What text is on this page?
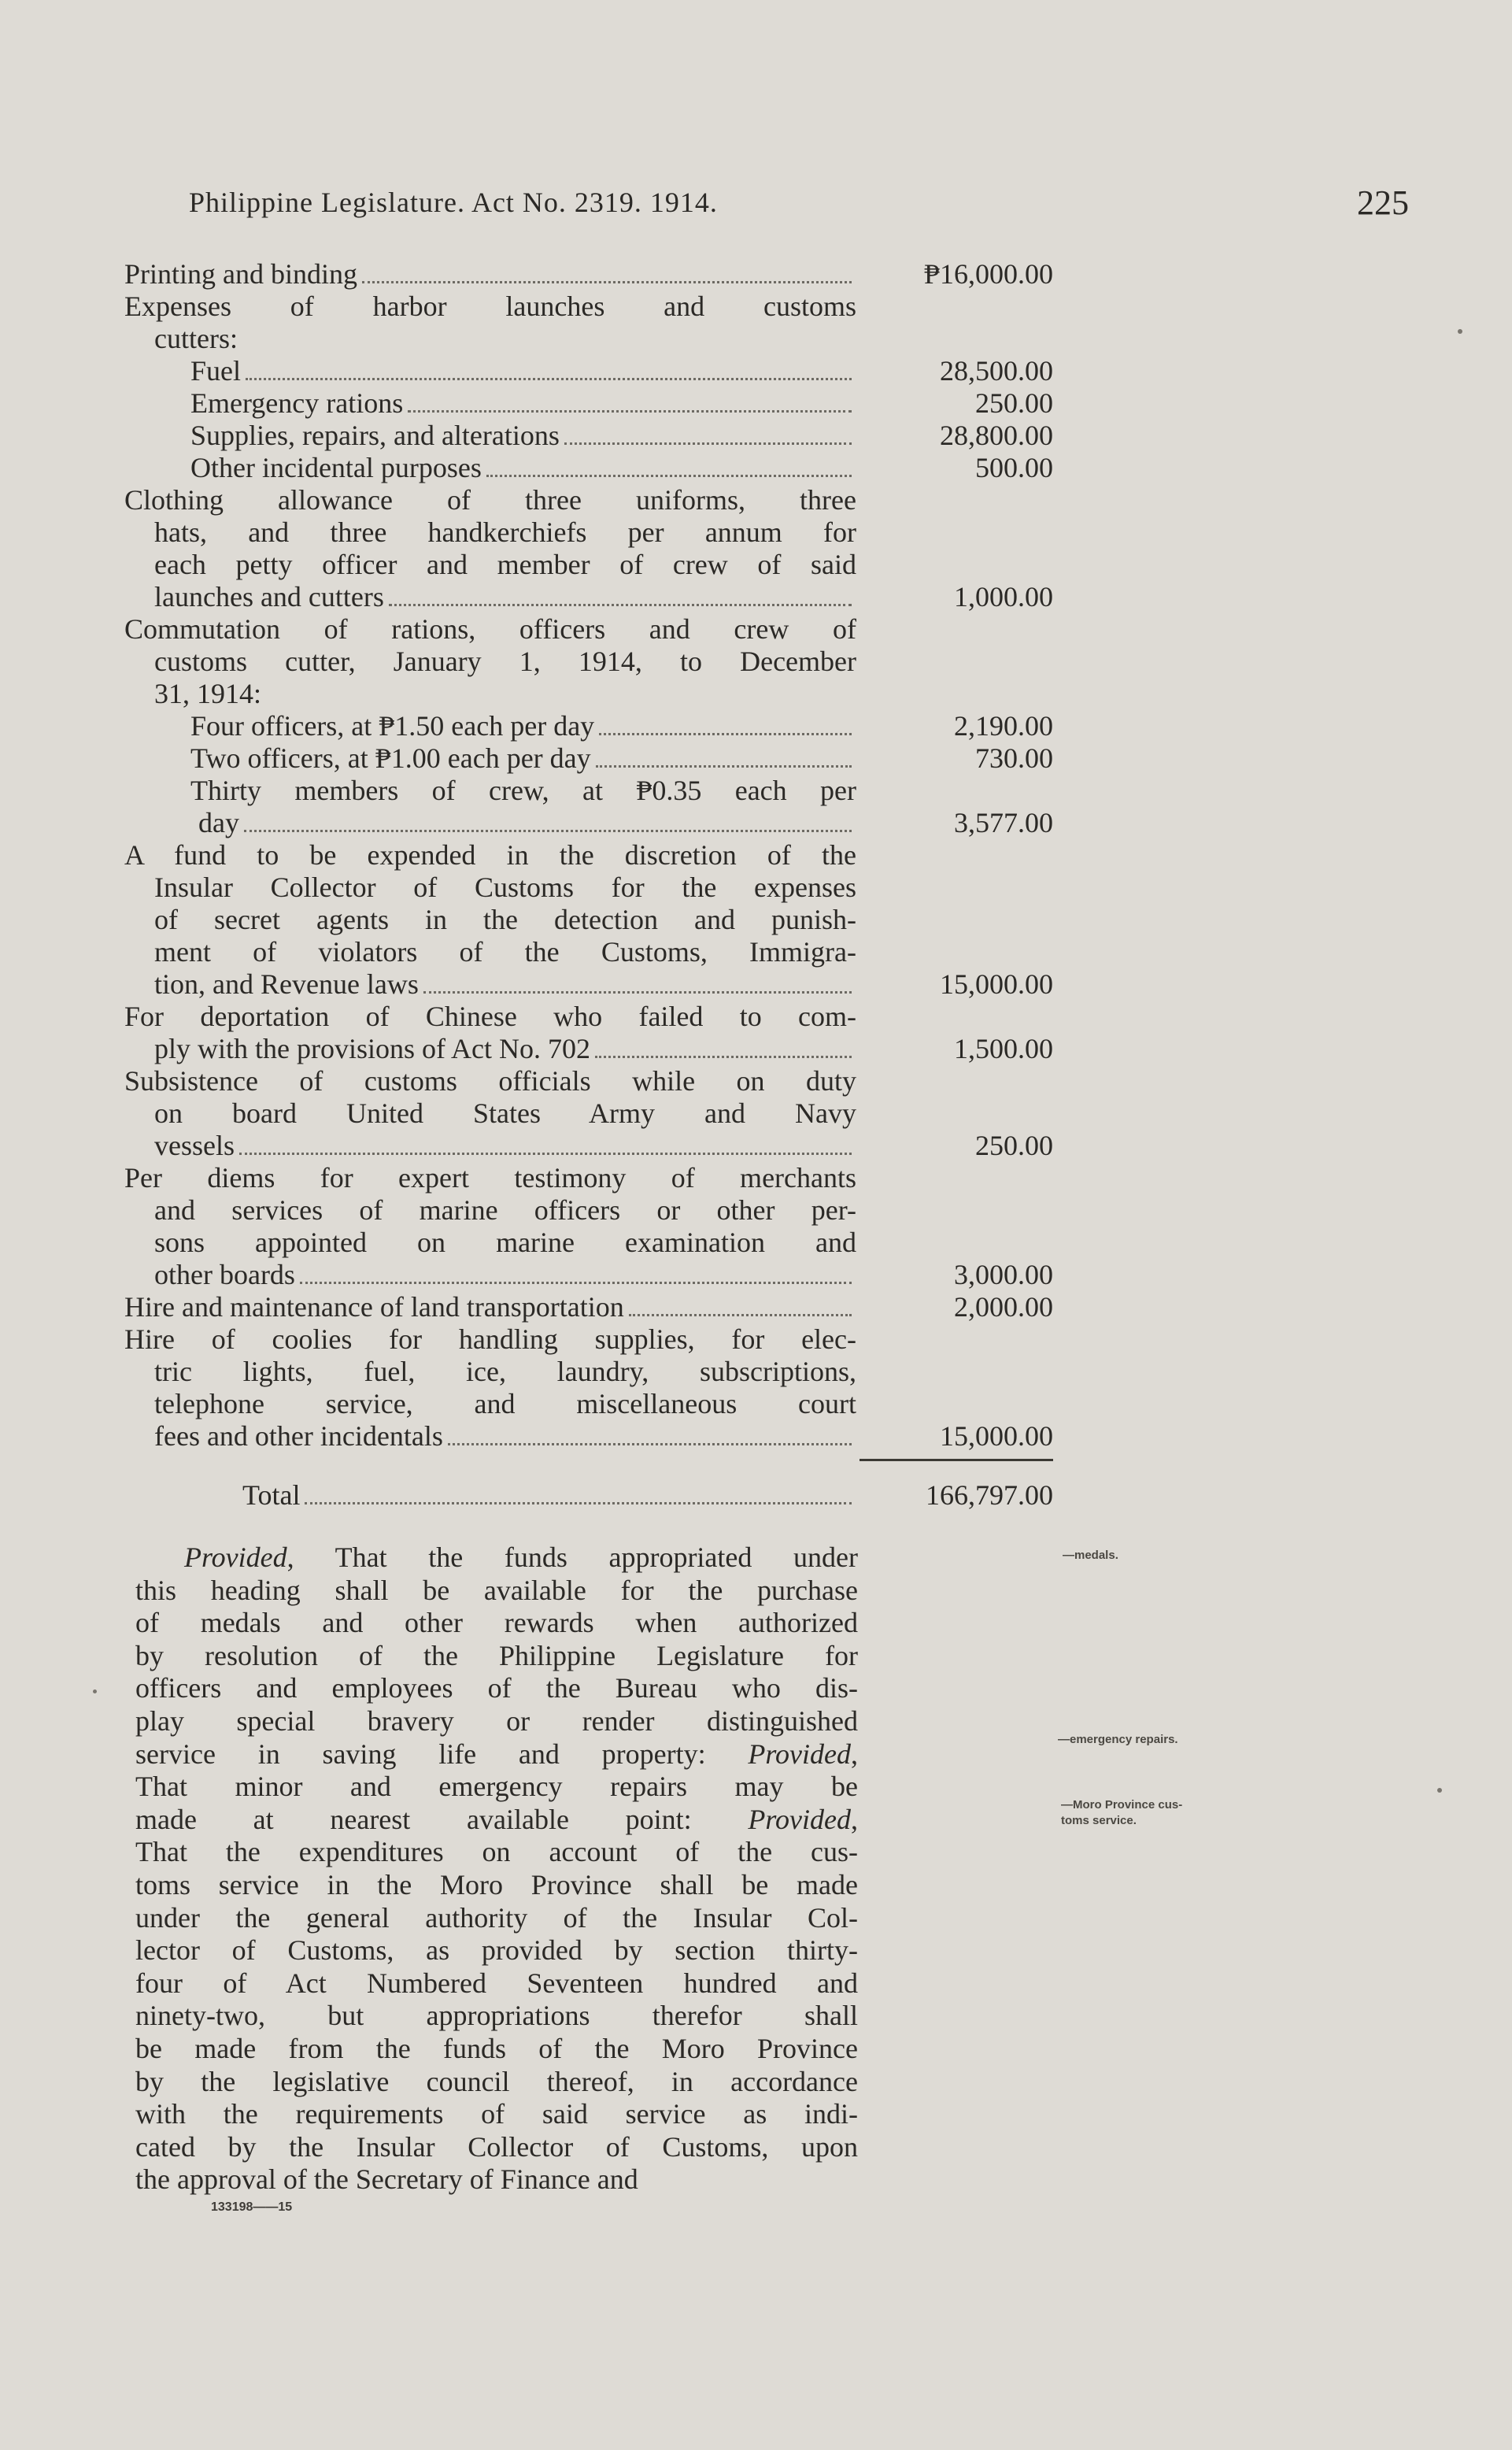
Philippine Legislature. Act No. 2319. 1914.	225
Printing and binding	₱16,000.00
Expenses of harbor launches and customs
cutters:
Fuel	28,500.00
Emergency rations	250.00
Supplies, repairs, and alterations	28,800.00
Other incidental purposes	500.00
Clothing allowance of three uniforms, three
hats, and three handkerchiefs per annum for
each petty officer and member of crew of said
launches and cutters	1,000.00
Commutation of rations, officers and crew of
customs cutter, January 1, 1914, to December
31, 1914:
Four officers, at ₱1.50 each per day	2,190.00
Two officers, at ₱1.00 each per day	730.00
Thirty members of crew, at ₱0.35 each per
day	3,577.00
A fund to be expended in the discretion of the
Insular Collector of Customs for the expenses
of secret agents in the detection and punish-
ment of violators of the Customs, Immigra-
tion, and Revenue laws	15,000.00
For deportation of Chinese who failed to com-
ply with the provisions of Act No. 702	1,500.00
Subsistence of customs officials while on duty
on board United States Army and Navy
vessels	250.00
Per diems for expert testimony of merchants
and services of marine officers or other per-
sons appointed on marine examination and
other boards	3,000.00
Hire and maintenance of land transportation	2,000.00
Hire of coolies for handling supplies, for elec-
tric lights, fuel, ice, laundry, subscriptions,
telephone service, and miscellaneous court
fees and other incidentals	15,000.00
Total	166,797.00
Provided, That the funds appropriated under
this heading shall be available for the purchase
of medals and other rewards when authorized
by resolution of the Philippine Legislature for
officers and employees of the Bureau who dis-
play special bravery or render distinguished
service in saving life and property: Provided,
That minor and emergency repairs may be
made at nearest available point: Provided,
That the expenditures on account of the cus-
toms service in the Moro Province shall be made
under the general authority of the Insular Col-
lector of Customs, as provided by section thirty-
four of Act Numbered Seventeen hundred and
ninety-two, but appropriations therefor shall
be made from the funds of the Moro Province
by the legislative council thereof, in accordance
with the requirements of said service as indi-
cated by the Insular Collector of Customs, upon
the approval of the Secretary of Finance and
—medals.
—emergency repairs.
—Moro Province cus-
toms service.
133198——15
